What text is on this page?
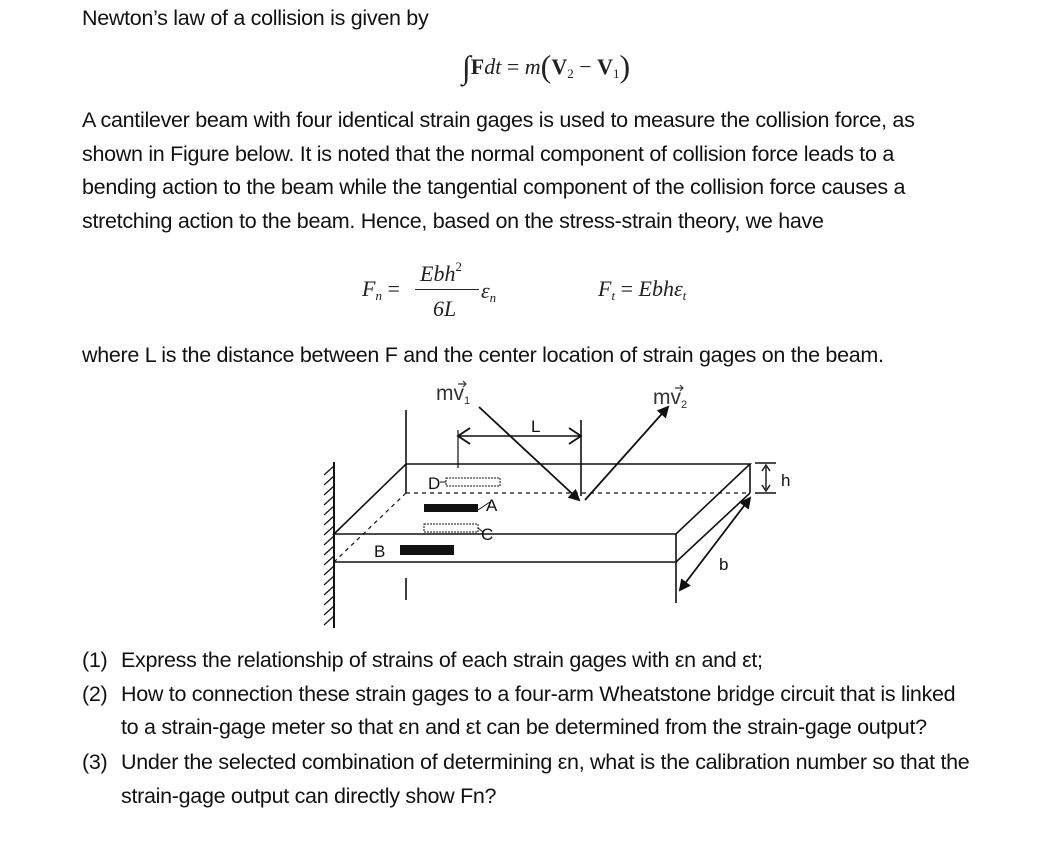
Newton’s law of a collision is given by
∫Fdt = m(V2 − V1)
A cantilever beam with four identical strain gages is used to measure the collision force, as
shown in Figure below. It is noted that the normal component of collision force leads to a
bending action to the beam while the tangential component of the collision force causes a
stretching action to the beam. Hence, based on the stress-strain theory, we have
$F_n$ =
Ebh$^2$
6L
$\varepsilon_n$	$F_t = Ebh\varepsilon_t$
where L is the distance between F and the center location of strain gages on the beam.
L
mv1	mv2
D
A
C
B
h
b
(1) Express the relationship of strains of each strain gages with εn and εt;
(2) How to connection these strain gages to a four-arm Wheatstone bridge circuit that is linked
to a strain-gage meter so that εn and εt can be determined from the strain-gage output?
(3) Under the selected combination of determining εn, what is the calibration number so that the
strain-gage output can directly show Fn?
